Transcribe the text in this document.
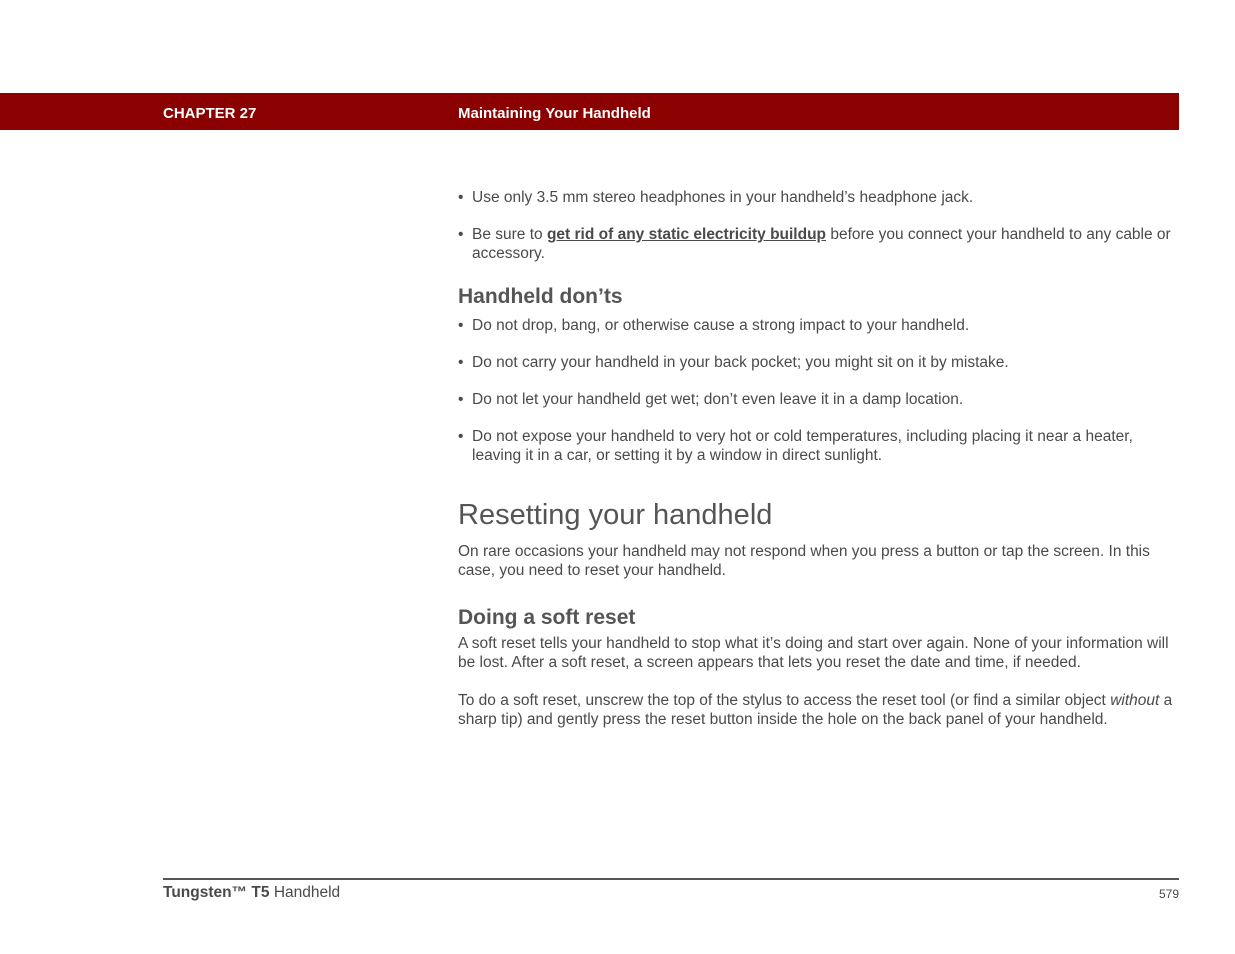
CHAPTER 27	Maintaining Your Handheld
• Use only 3.5 mm stereo headphones in your handheld’s headphone jack.
• Be sure to get rid of any static electricity buildup before you connect your handheld to any cable or accessory.
Handheld don’ts
• Do not drop, bang, or otherwise cause a strong impact to your handheld.
• Do not carry your handheld in your back pocket; you might sit on it by mistake.
• Do not let your handheld get wet; don’t even leave it in a damp location.
• Do not expose your handheld to very hot or cold temperatures, including placing it near a heater, leaving it in a car, or setting it by a window in direct sunlight.
Resetting your handheld

On rare occasions your handheld may not respond when you press a button or tap the screen. In this case, you need to reset your handheld.

Doing a soft reset

A soft reset tells your handheld to stop what it’s doing and start over again. None of your information will be lost. After a soft reset, a screen appears that lets you reset the date and time, if needed.

To do a soft reset, unscrew the top of the stylus to access the reset tool (or find a similar object without a sharp tip) and gently press the reset button inside the hole on the back panel of your handheld.

Tungsten™ T5 Handheld	579
